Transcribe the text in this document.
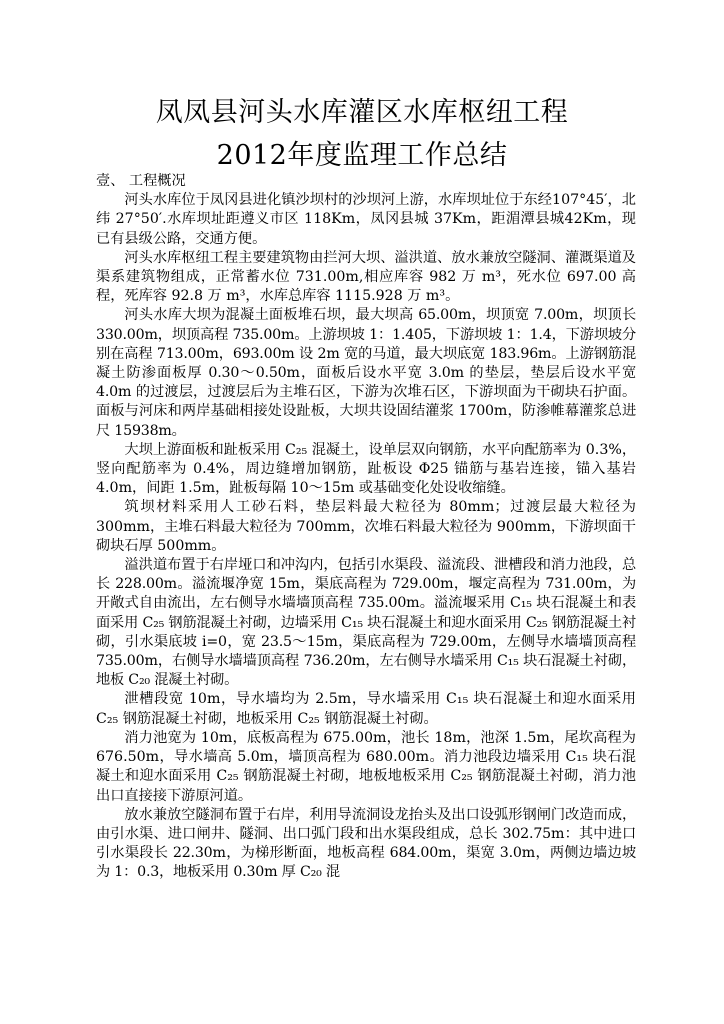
凤凤县河头水库灌区水库枢纽工程
2012年度监理工作总结

壹、 工程概况

河头水库位于凤冈县进化镇沙坝村的沙坝河上游，水库坝址位于东经107°45′，北纬 27°50′.水库坝址距遵义市区 118Km，凤冈县城 37Km，距湄潭县城42Km，现已有县级公路，交通方便。

河头水库枢纽工程主要建筑物由拦河大坝、溢洪道、放水兼放空隧洞、灌溉渠道及渠系建筑物组成，正常蓄水位 731.00m,相应库容 982 万 m³，死水位 697.00 高程，死库容 92.8 万 m³，水库总库容 1115.928 万 m³。

河头水库大坝为混凝土面板堆石坝，最大坝高 65.00m，坝顶宽 7.00m，坝顶长 330.00m，坝顶高程 735.00m。上游坝坡 1：1.405，下游坝坡 1：1.4，下游坝坡分别在高程 713.00m，693.00m 设 2m 宽的马道，最大坝底宽 183.96m。上游钢筋混凝土防渗面板厚 0.30～0.50m，面板后设水平宽 3.0m 的垫层，垫层后设水平宽 4.0m 的过渡层，过渡层后为主堆石区，下游为次堆石区，下游坝面为干砌块石护面。面板与河床和两岸基础相接处设趾板，大坝共设固结灌浆 1700m，防渗帷幕灌浆总进尺 15938m。

大坝上游面板和趾板采用 C₂₅ 混凝土，设单层双向钢筋，水平向配筋率为 0.3%，竖向配筋率为 0.4%，周边缝增加钢筋，趾板设 Φ25 锚筋与基岩连接，锚入基岩 4.0m，间距 1.5m，趾板每隔 10～15m 或基础变化处设收缩缝。

筑坝材料采用人工砂石料，垫层料最大粒径为 80mm；过渡层最大粒径为 300mm，主堆石料最大粒径为 700mm，次堆石料最大粒径为 900mm，下游坝面干砌块石厚 500mm。

溢洪道布置于右岸垭口和冲沟内，包括引水渠段、溢流段、泄槽段和消力池段，总长 228.00m。溢流堰净宽 15m，渠底高程为 729.00m，堰定高程为 731.00m，为开敞式自由流出，左右侧导水墙墙顶高程 735.00m。溢流堰采用 C₁₅ 块石混凝土和表面采用 C₂₅ 钢筋混凝土衬砌，边墙采用 C₁₅ 块石混凝土和迎水面采用 C₂₅ 钢筋混凝土衬砌，引水渠底坡 i=0，宽 23.5～15m，渠底高程为 729.00m，左侧导水墙墙顶高程 735.00m，右侧导水墙墙顶高程 736.20m，左右侧导水墙采用 C₁₅ 块石混凝土衬砌，地板 C₂₀ 混凝土衬砌。

泄槽段宽 10m，导水墙均为 2.5m，导水墙采用 C₁₅ 块石混凝土和迎水面采用 C₂₅ 钢筋混凝土衬砌，地板采用 C₂₅ 钢筋混凝土衬砌。

消力池宽为 10m，底板高程为 675.00m，池长 18m，池深 1.5m，尾坎高程为 676.50m，导水墙高 5.0m，墙顶高程为 680.00m。消力池段边墙采用 C₁₅ 块石混凝土和迎水面采用 C₂₅ 钢筋混凝土衬砌，地板地板采用 C₂₅ 钢筋混凝土衬砌，消力池出口直接接下游原河道。

放水兼放空隧洞布置于右岸，利用导流洞设龙抬头及出口设弧形钢闸门改造而成，由引水渠、进口闸井、隧洞、出口弧门段和出水渠段组成，总长 302.75m：其中进口引水渠段长 22.30m，为梯形断面，地板高程 684.00m，渠宽 3.0m，两侧边墙边坡为 1：0.3，地板采用 0.30m 厚 C₂₀ 混
